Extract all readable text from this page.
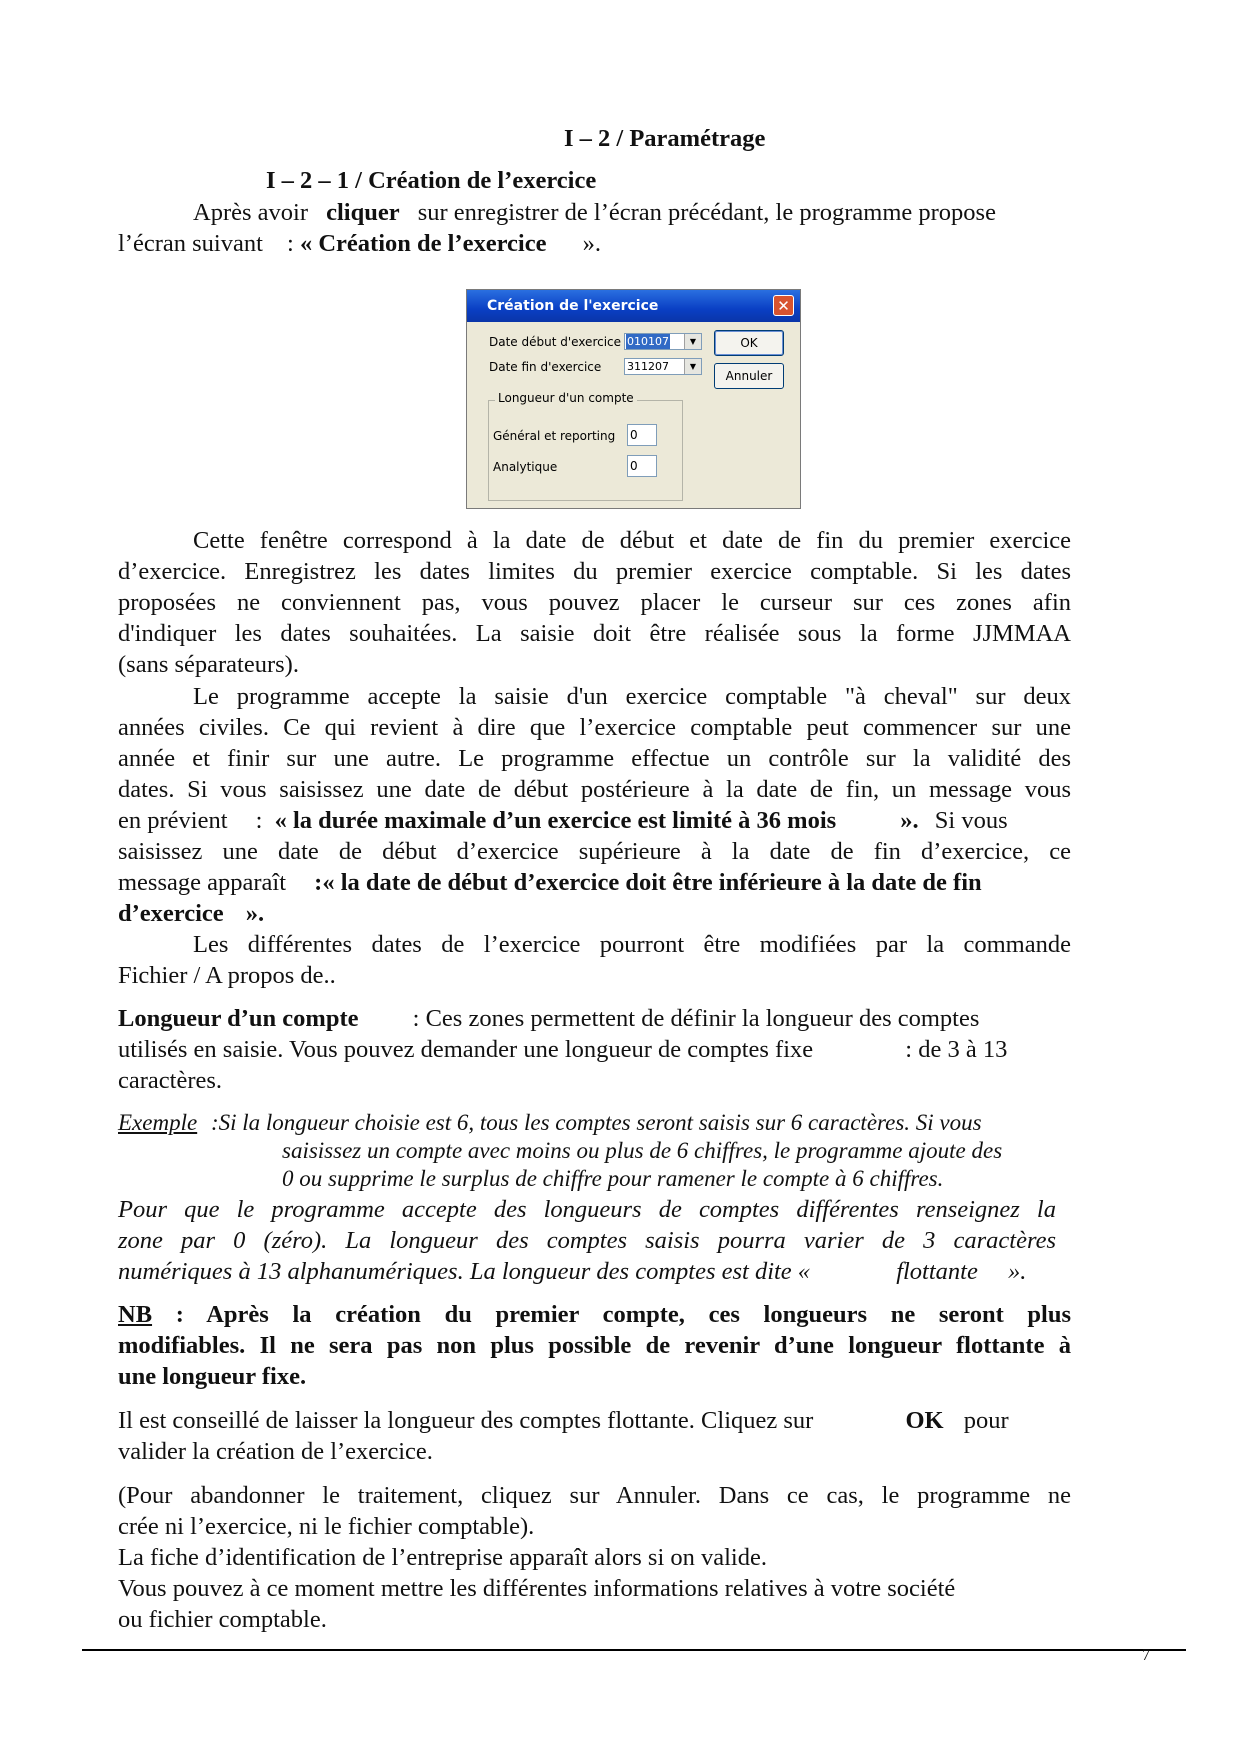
I – 2 / Paramétrage
I – 2 – 1 / Création de l’exercice
Après avoir cliquer sur enregistrer de l’écran précédant, le programme propose
l’écran suivant : « Création de l’exercice ».
Création de l'exercice	✕
Date début d'exercice 010107	▼
Date fin d'exercice 311207	▼
OK
Annuler
Longueur d'un compte
Général et reporting 0
Analytique	0
Cette fenêtre correspond à la date de début et date de fin du premier exercice
d’exercice. Enregistrez les dates limites du premier exercice comptable. Si les dates
proposées ne conviennent pas, vous pouvez placer le curseur sur ces zones afin
d'indiquer les dates souhaitées. La saisie doit être réalisée sous la forme JJMMAA
(sans séparateurs).
Le programme accepte la saisie d'un exercice comptable "à cheval" sur deux
années civiles. Ce qui revient à dire que l’exercice comptable peut commencer sur une
année et finir sur une autre. Le programme effectue un contrôle sur la validité des
dates. Si vous saisissez une date de début postérieure à la date de fin, un message vous
en prévient : « la durée maximale d’un exercice est limité à 36 mois	». Si vous
saisissez une date de début d’exercice supérieure à la date de fin d’exercice, ce
message apparaît :« la date de début d’exercice doit être inférieure à la date de fin
d’exercice ».
Les différentes dates de l’exercice pourront être modifiées par la commande
Fichier / A propos de..
Longueur d’un compte : Ces zones permettent de définir la longueur des comptes
utilisés en saisie. Vous pouvez demander une longueur de comptes fixe	: de 3 à 13
caractères.
Exemple :Si la longueur choisie est 6, tous les comptes seront saisis sur 6 caractères. Si vous
saisissez un compte avec moins ou plus de 6 chiffres, le programme ajoute des
0 ou supprime le surplus de chiffre pour ramener le compte à 6 chiffres.
Pour que le programme accepte des longueurs de comptes différentes renseignez la
zone par 0 (zéro). La longueur des comptes saisis pourra varier de 3 caractères
numériques à 13 alphanumériques. La longueur des comptes est dite «	flottante ».
NB : Après la création du premier compte, ces longueurs ne seront plus
modifiables. Il ne sera pas non plus possible de revenir d’une longueur flottante à
une longueur fixe.
Il est conseillé de laisser la longueur des comptes flottante. Cliquez sur	OK pour
valider la création de l’exercice.
(Pour abandonner le traitement, cliquez sur Annuler. Dans ce cas, le programme ne
crée ni l’exercice, ni le fichier comptable).
La fiche d’identification de l’entreprise apparaît alors si on valide.
Vous pouvez à ce moment mettre les différentes informations relatives à votre société
ou fichier comptable.
7
